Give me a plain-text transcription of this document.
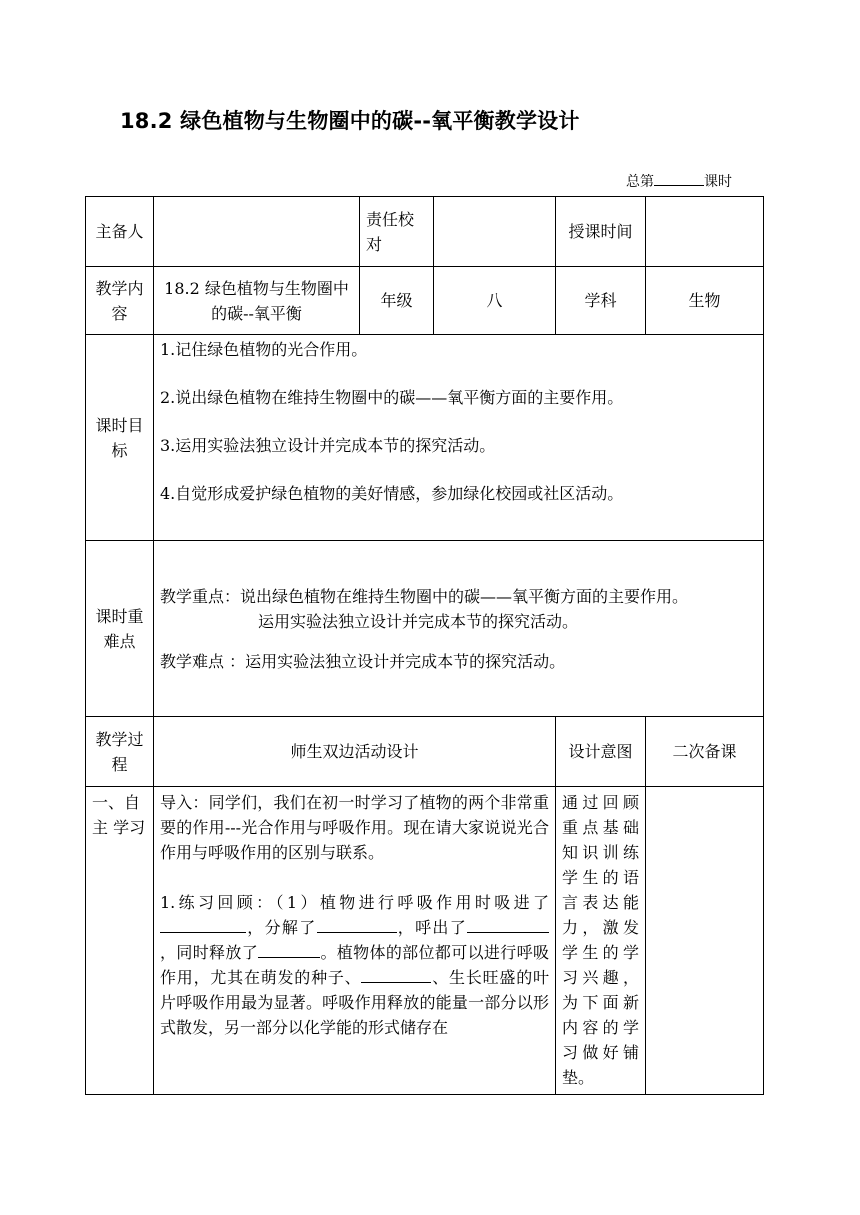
18.2 绿色植物与生物圈中的碳--氧平衡教学设计
总第	课时
主备人		责任校对		授课时间	
教学内容	18.2 绿色植物与生物圈中的碳--氧平衡	年级	八	学科	生物
课时目标	1.记住绿色植物的光合作用。

2.说出绿色植物在维持生物圈中的碳——氧平衡方面的主要作用。

3.运用实验法独立设计并完成本节的探究活动。

4.自觉形成爱护绿色植物的美好情感，参加绿化校园或社区活动。				

课时重难点	教学重点：说出绿色植物在维持生物圈中的碳——氧平衡方面的主要作用。
运用实验法独立设计并完成本节的探究活动。
教学难点 ：运用实验法独立设计并完成本节的探究活动。				

教学过程	师生双边活动设计			设计意图	二次备课
一、自主 学习	导入：同学们，我们在初一时学习了植物的两个非常重要的作用---光合作用与呼吸作用。现在请大家说说光合作用与呼吸作用的区别与联系。
1.练习回顾：（1）植物进行呼吸作用时吸进了，分解了 ，呼出了，同时释放了 。植物体的部位都可以进行呼吸作用，尤其在萌发的种子、 、生长旺盛的叶片呼吸作用最为显著。呼吸作用释放的能量一部分以形式散发，另一部分以化学能的形式储存在			通过回顾重点基础知识训练学生的语言表达能力，激发学生的学习兴趣，为下面新内容的学习做好铺垫。	
